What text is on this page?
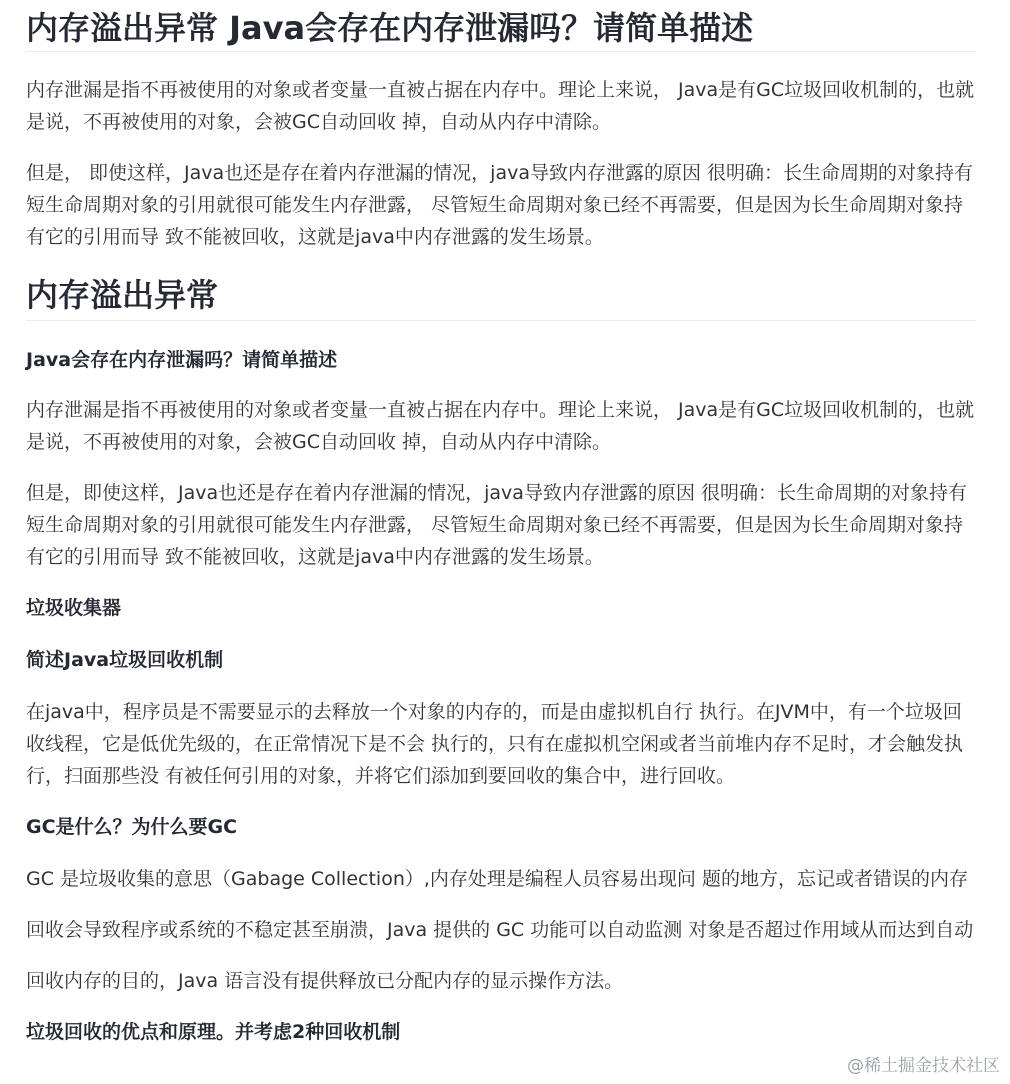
内存溢出异常 Java会存在内存泄漏吗？请简单描述

内存泄漏是指不再被使用的对象或者变量一直被占据在内存中。理论上来说， Java是有GC垃圾回收机制的，也就是说，不再被使用的对象，会被GC自动回收 掉，自动从内存中清除。

但是， 即使这样，Java也还是存在着内存泄漏的情况，java导致内存泄露的原因 很明确：长生命周期的对象持有短生命周期对象的引用就很可能发生内存泄露， 尽管短生命周期对象已经不再需要，但是因为长生命周期对象持有它的引用而导 致不能被回收，这就是java中内存泄露的发生场景。

内存溢出异常
Java会存在内存泄漏吗？请简单描述

内存泄漏是指不再被使用的对象或者变量一直被占据在内存中。理论上来说， Java是有GC垃圾回收机制的，也就是说，不再被使用的对象，会被GC自动回收 掉，自动从内存中清除。

但是，即使这样，Java也还是存在着内存泄漏的情况，java导致内存泄露的原因 很明确：长生命周期的对象持有短生命周期对象的引用就很可能发生内存泄露， 尽管短生命周期对象已经不再需要，但是因为长生命周期对象持有它的引用而导 致不能被回收，这就是java中内存泄露的发生场景。

垃圾收集器
简述Java垃圾回收机制

在java中，程序员是不需要显示的去释放一个对象的内存的，而是由虚拟机自行 执行。在JVM中，有一个垃圾回收线程，它是低优先级的，在正常情况下是不会 执行的，只有在虚拟机空闲或者当前堆内存不足时，才会触发执行，扫面那些没 有被任何引用的对象，并将它们添加到要回收的集合中，进行回收。

GC是什么？为什么要GC

GC 是垃圾收集的意思（Gabage Collection）,内存处理是编程人员容易出现问 题的地方，忘记或者错误的内存

回收会导致程序或系统的不稳定甚至崩溃，Java 提供的 GC 功能可以自动监测 对象是否超过作用域从而达到自动

回收内存的目的，Java 语言没有提供释放已分配内存的显示操作方法。

垃圾回收的优点和原理。并考虑2种回收机制
@稀土掘金技术社区
